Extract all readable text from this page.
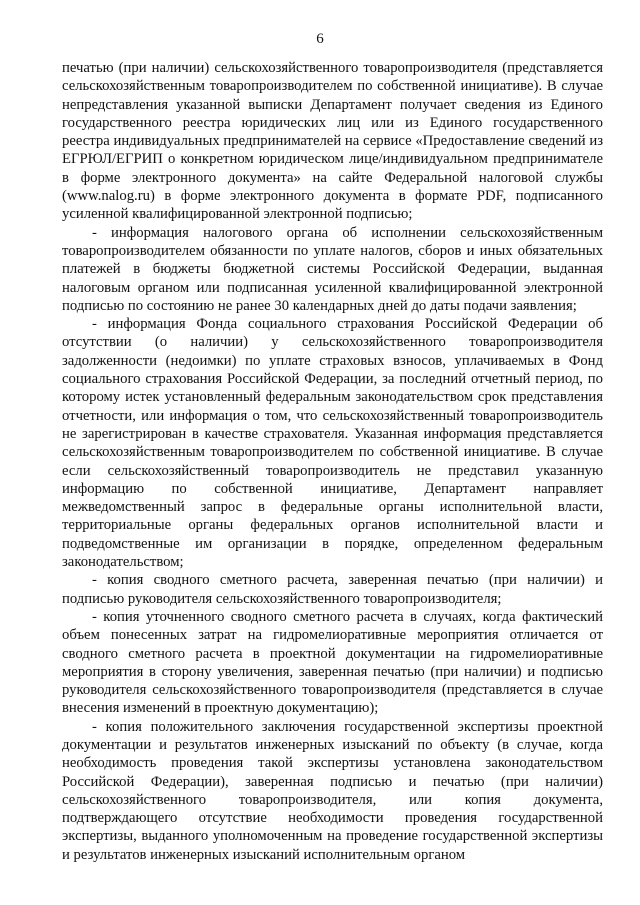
6

печатью (при наличии) сельскохозяйственного товаропроизводителя (представляется сельскохозяйственным товаропроизводителем по собственной инициативе). В случае непредставления указанной выписки Департамент получает сведения из Единого государственного реестра юридических лиц или из Единого государственного реестра индивидуальных предпринимателей на сервисе «Предоставление сведений из ЕГРЮЛ/ЕГРИП о конкретном юридическом лице/индивидуальном предпринимателе в форме электронного документа» на сайте Федеральной налоговой службы (www.nalog.ru) в форме электронного документа в формате PDF, подписанного усиленной квалифицированной электронной подписью;

- информация налогового органа об исполнении сельскохозяйственным товаропроизводителем обязанности по уплате налогов, сборов и иных обязательных платежей в бюджеты бюджетной системы Российской Федерации, выданная налоговым органом или подписанная усиленной квалифицированной электронной подписью по состоянию не ранее 30 календарных дней до даты подачи заявления;

- информация Фонда социального страхования Российской Федерации об отсутствии (о наличии) у сельскохозяйственного товаропроизводителя задолженности (недоимки) по уплате страховых взносов, уплачиваемых в Фонд социального страхования Российской Федерации, за последний отчетный период, по которому истек установленный федеральным законодательством срок представления отчетности, или информация о том, что сельскохозяйственный товаропроизводитель не зарегистрирован в качестве страхователя. Указанная информация представляется сельскохозяйственным товаропроизводителем по собственной инициативе. В случае если сельскохозяйственный товаропроизводитель не представил указанную информацию по собственной инициативе, Департамент направляет межведомственный запрос в федеральные органы исполнительной власти, территориальные органы федеральных органов исполнительной власти и подведомственные им организации в порядке, определенном федеральным законодательством;

- копия сводного сметного расчета, заверенная печатью (при наличии) и подписью руководителя сельскохозяйственного товаропроизводителя;

- копия уточненного сводного сметного расчета в случаях, когда фактический объем понесенных затрат на гидромелиоративные мероприятия отличается от сводного сметного расчета в проектной документации на гидромелиоративные мероприятия в сторону увеличения, заверенная печатью (при наличии) и подписью руководителя сельскохозяйственного товаропроизводителя (представляется в случае внесения изменений в проектную документацию);

- копия положительного заключения государственной экспертизы проектной документации и результатов инженерных изысканий по объекту (в случае, когда необходимость проведения такой экспертизы установлена законодательством Российской Федерации), заверенная подписью и печатью (при наличии) сельскохозяйственного товаропроизводителя, или копия документа, подтверждающего отсутствие необходимости проведения государственной экспертизы, выданного уполномоченным на проведение государственной экспертизы и результатов инженерных изысканий исполнительным органом
